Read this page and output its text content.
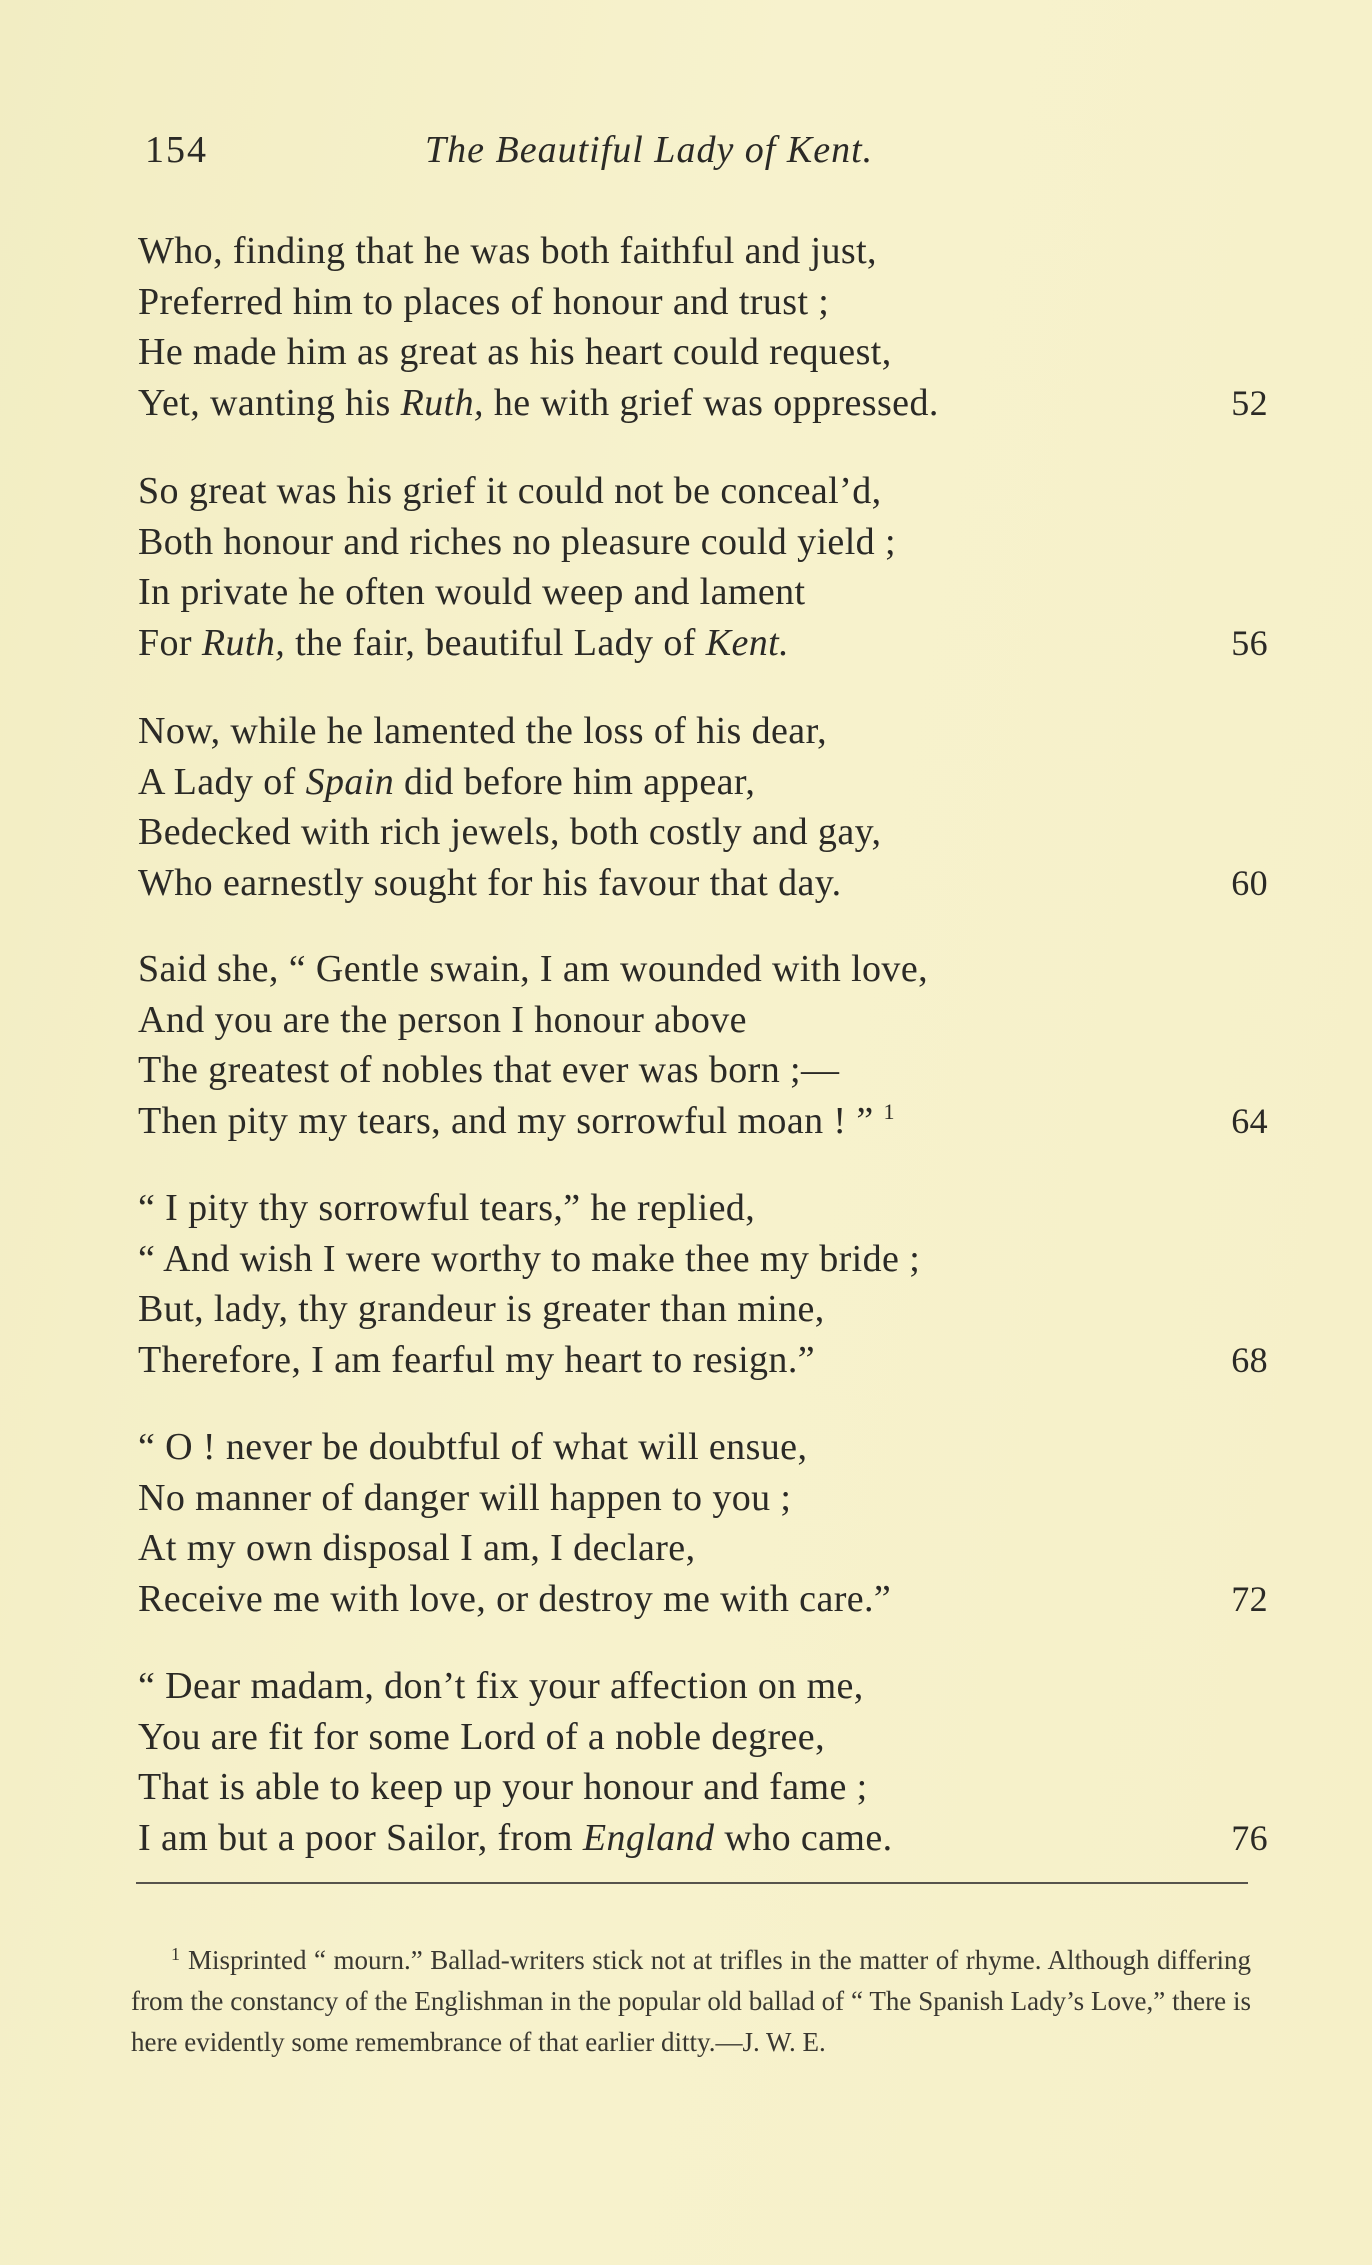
154	The Beautiful Lady of Kent.
Who, finding that he was both faithful and just,
Preferred him to places of honour and trust ;
He made him as great as his heart could request,
Yet, wanting his Ruth, he with grief was oppressed.	52
So great was his grief it could not be conceal’d,
Both honour and riches no pleasure could yield ;
In private he often would weep and lament
For Ruth, the fair, beautiful Lady of Kent.	56
Now, while he lamented the loss of his dear,
A Lady of Spain did before him appear,
Bedecked with rich jewels, both costly and gay,
Who earnestly sought for his favour that day.	60
Said she, “ Gentle swain, I am wounded with love,
And you are the person I honour above
The greatest of nobles that ever was born ;—
Then pity my tears, and my sorrowful moan ! ” $^1$	64
“ I pity thy sorrowful tears,” he replied,
“ And wish I were worthy to make thee my bride ;
But, lady, thy grandeur is greater than mine,
Therefore, I am fearful my heart to resign.”	68
“ O ! never be doubtful of what will ensue,
No manner of danger will happen to you ;
At my own disposal I am, I declare,
Receive me with love, or destroy me with care.”	72
“ Dear madam, don’t fix your affection on me,
You are fit for some Lord of a noble degree,
That is able to keep up your honour and fame ;
I am but a poor Sailor, from England who came.	76
$^1$ Misprinted “ mourn.” Ballad-writers stick not at trifles in the matter of rhyme. Although differing from the constancy of the Englishman in the popular old ballad of “ The Spanish Lady’s Love,” there is here evidently some remembrance of that earlier ditty.—J. W. E.
